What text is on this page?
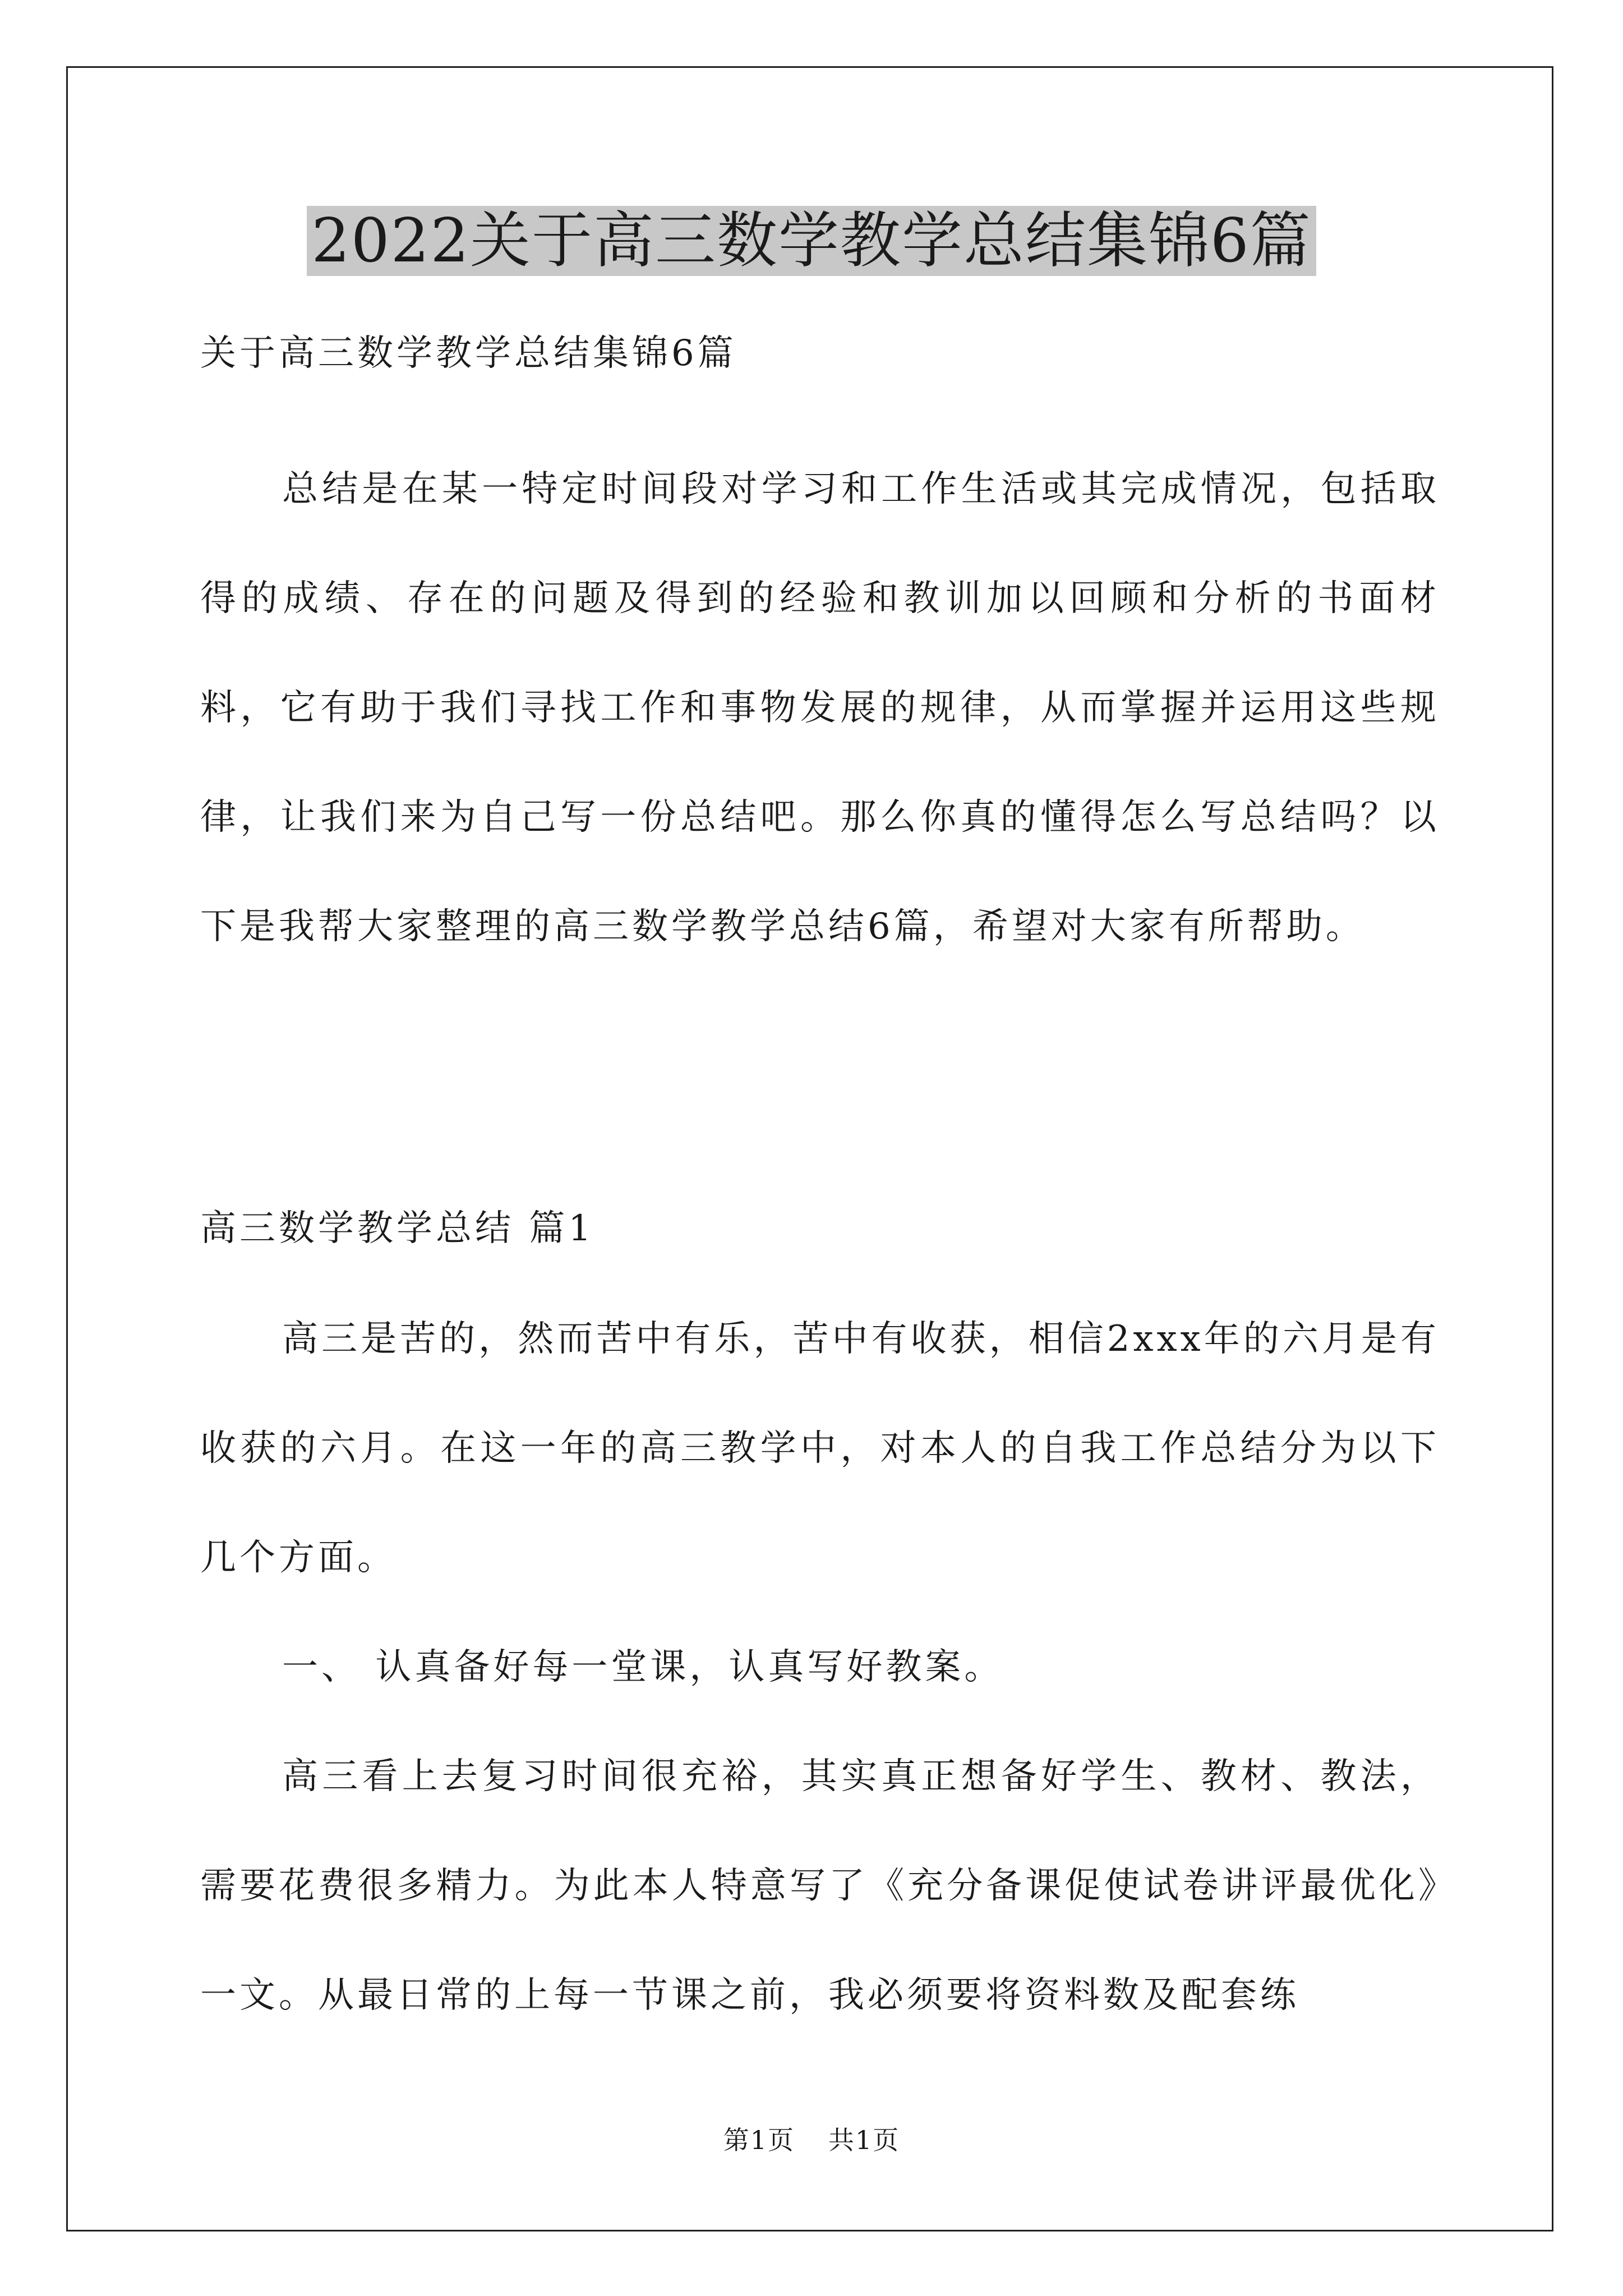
2022关于高三数学教学总结集锦6篇
关于高三数学教学总结集锦6篇

总结是在某一特定时间段对学习和工作生活或其完成情况，包括取得的成绩、存在的问题及得到的经验和教训加以回顾和分析的书面材料，它有助于我们寻找工作和事物发展的规律，从而掌握并运用这些规律，让我们来为自己写一份总结吧。那么你真的懂得怎么写总结吗？以下是我帮大家整理的高三数学教学总结6篇，希望对大家有所帮助。

高三数学教学总结 篇1

高三是苦的，然而苦中有乐，苦中有收获，相信2xxx年的六月是有收获的六月。在这一年的高三教学中，对本人的自我工作总结分为以下几个方面。

一、 认真备好每一堂课，认真写好教案。

高三看上去复习时间很充裕，其实真正想备好学生、教材、教法，需要花费很多精力。为此本人特意写了《充分备课促使试卷讲评最优化》一文。从最日常的上每一节课之前，我必须要将资料数及配套练

第1页 共1页
